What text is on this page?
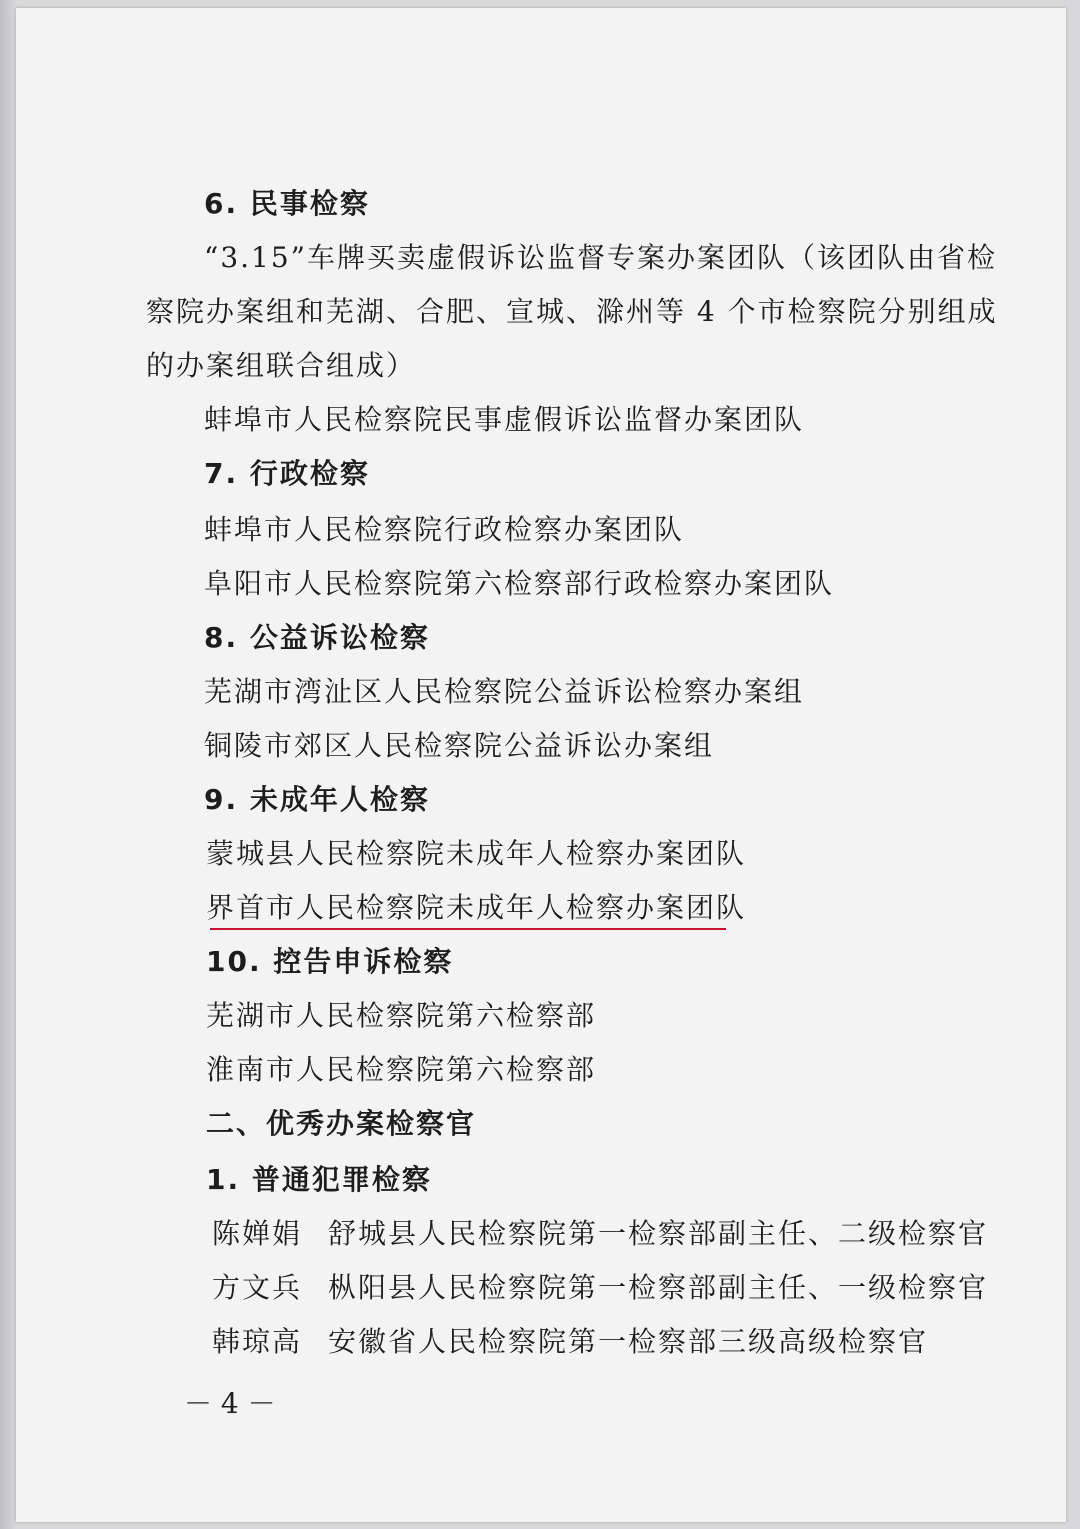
6. 民事检察

“3.15”车牌买卖虚假诉讼监督专案办案团队（该团队由省检

察院办案组和芜湖、合肥、宣城、滁州等 4 个市检察院分别组成

的办案组联合组成）

蚌埠市人民检察院民事虚假诉讼监督办案团队

7. 行政检察

蚌埠市人民检察院行政检察办案团队

阜阳市人民检察院第六检察部行政检察办案团队

8. 公益诉讼检察

芜湖市湾沚区人民检察院公益诉讼检察办案组

铜陵市郊区人民检察院公益诉讼办案组

9. 未成年人检察

蒙城县人民检察院未成年人检察办案团队

界首市人民检察院未成年人检察办案团队

10. 控告申诉检察

芜湖市人民检察院第六检察部

淮南市人民检察院第六检察部

二、优秀办案检察官

1. 普通犯罪检察

陈婵娟 舒城县人民检察院第一检察部副主任、二级检察官
方文兵 枞阳县人民检察院第一检察部副主任、一级检察官
韩琼高 安徽省人民检察院第一检察部三级高级检察官
－ 4 －
